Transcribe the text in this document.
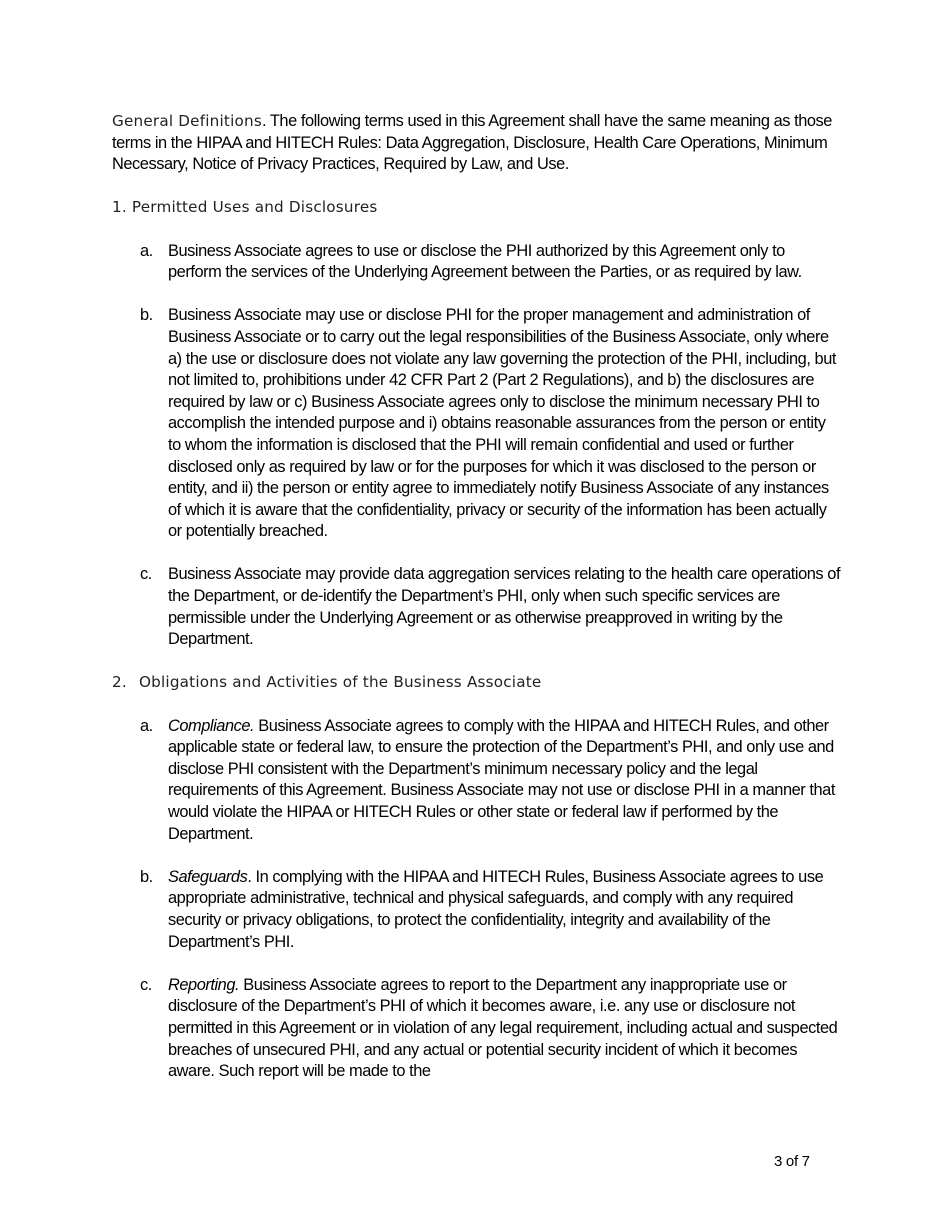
General Definitions. The following terms used in this Agreement shall have the same meaning as those terms in the HIPAA and HITECH Rules: Data Aggregation, Disclosure, Health Care Operations, Minimum Necessary, Notice of Privacy Practices, Required by Law, and Use.

1. Permitted Uses and Disclosures

a. Business Associate agrees to use or disclose the PHI authorized by this Agreement only to perform the services of the Underlying Agreement between the Parties, or as required by law.

b. Business Associate may use or disclose PHI for the proper management and administration of Business Associate or to carry out the legal responsibilities of the Business Associate, only where a) the use or disclosure does not violate any law governing the protection of the PHI, including, but not limited to, prohibitions under 42 CFR Part 2 (Part 2 Regulations), and b) the disclosures are required by law or c) Business Associate agrees only to disclose the minimum necessary PHI to accomplish the intended purpose and i) obtains reasonable assurances from the person or entity to whom the information is disclosed that the PHI will remain confidential and used or further disclosed only as required by law or for the purposes for which it was disclosed to the person or entity, and ii) the person or entity agree to immediately notify Business Associate of any instances of which it is aware that the confidentiality, privacy or security of the information has been actually or potentially breached.

c. Business Associate may provide data aggregation services relating to the health care operations of the Department, or de-identify the Department’s PHI, only when such specific services are permissible under the Underlying Agreement or as otherwise preapproved in writing by the Department.

2. Obligations and Activities of the Business Associate

a. Compliance. Business Associate agrees to comply with the HIPAA and HITECH Rules, and other applicable state or federal law, to ensure the protection of the Department’s PHI, and only use and disclose PHI consistent with the Department’s minimum necessary policy and the legal requirements of this Agreement. Business Associate may not use or disclose PHI in a manner that would violate the HIPAA or HITECH Rules or other state or federal law if performed by the Department.

b. Safeguards. In complying with the HIPAA and HITECH Rules, Business Associate agrees to use appropriate administrative, technical and physical safeguards, and comply with any required security or privacy obligations, to protect the confidentiality, integrity and availability of the Department’s PHI.

c. Reporting. Business Associate agrees to report to the Department any inappropriate use or disclosure of the Department’s PHI of which it becomes aware, i.e. any use or disclosure not permitted in this Agreement or in violation of any legal requirement, including actual and suspected breaches of unsecured PHI, and any actual or potential security incident of which it becomes aware. Such report will be made to the

3 of 7
